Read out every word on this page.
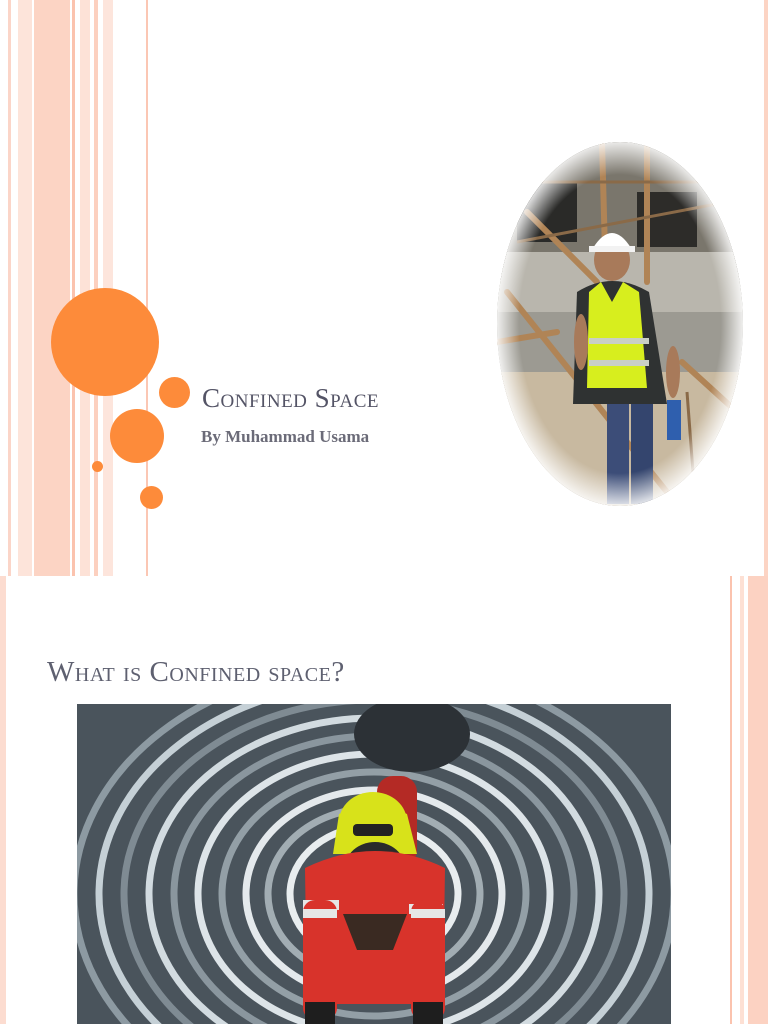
Confined Space
By Muhammad Usama
What is Confined space?
